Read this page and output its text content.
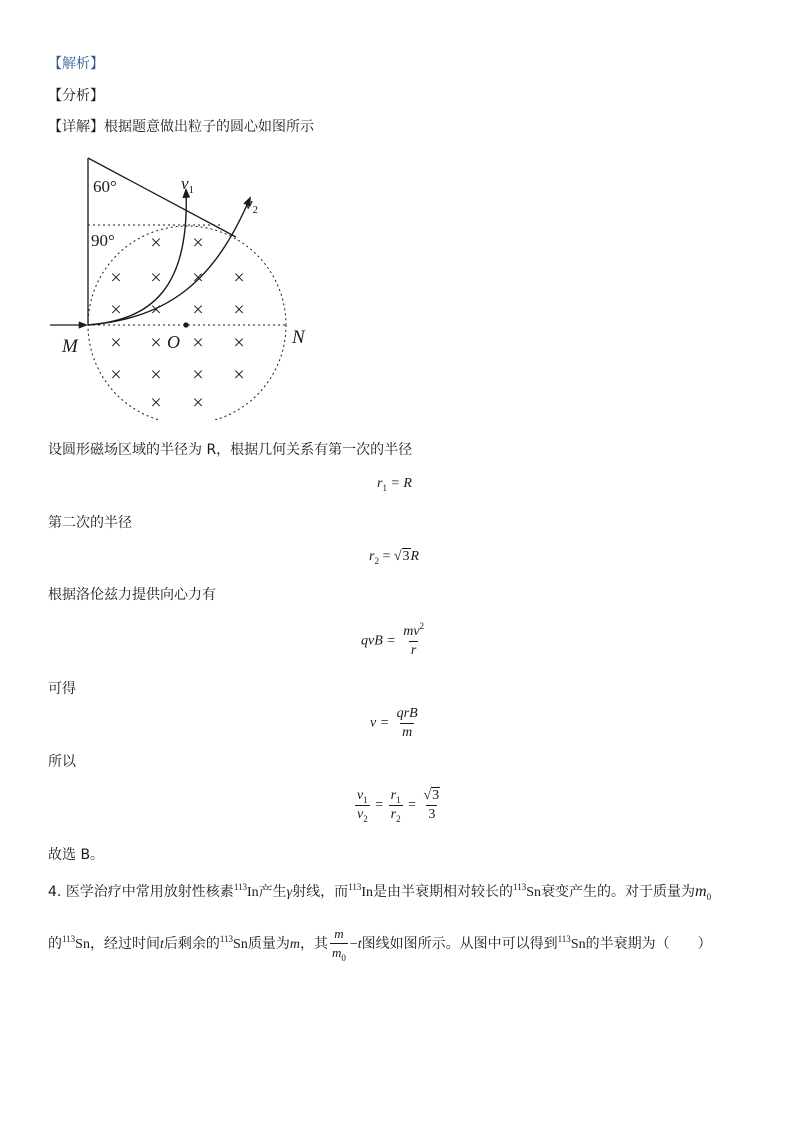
【解析】
【分析】
【详解】根据题意做出粒子的圆心如图所示
60°
90°
$v_1$
$v_2$
M	O	N
× ×
× × × ×
× × × ×
× × × ×
× × × ×
× ×
设圆形磁场区域的半径为 R，根据几何关系有第一次的半径
$r_1 = R$
第二次的半径
$r_2 = √3R$
根据洛伦兹力提供向心力有
qvB = $\frac{mv^2}{r}$
可得
$v = \frac{\text{qrB}}{m}$
所以
$\frac{v_1}{v_2} = \frac{r_1}{r_2} = \frac{√3}{3}$
故选 B。
4. 医学治疗中常用放射性核素$^{113}$In产生γ射线，而$^{113}$In是由半衰期相对较长的$^{113}$Sn衰变产生的。对于质量为$m_0$
的$^{113}$Sn，经过时间t后剩余的$^{113}$Sn质量为m，其 $\frac{m}{m_0} -t$图线如图所示。从图中可以得到$^{113}$Sn的半衰期为（　　）
